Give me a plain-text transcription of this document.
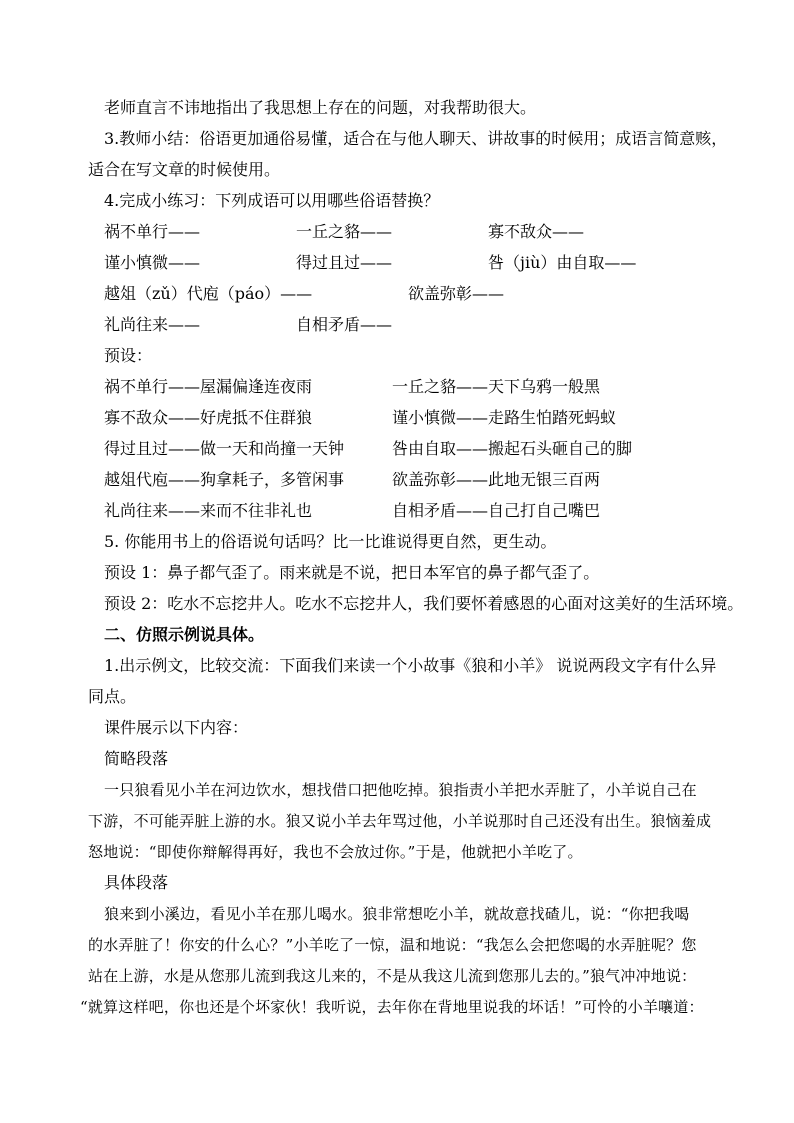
老师直言不讳地指出了我思想上存在的问题，对我帮助很大。
3.教师小结：俗语更加通俗易懂，适合在与他人聊天、讲故事的时候用；成语言简意赅，
适合在写文章的时候使用。
4.完成小练习：下列成语可以用哪些俗语替换？
祸不单行——	一丘之貉——	寡不敌众——
谨小慎微——	得过且过——	咎（jiù）由自取——
越俎（zǔ）代庖（páo）——	欲盖弥彰——
礼尚往来——	自相矛盾——
预设：
祸不单行——屋漏偏逢连夜雨	一丘之貉——天下乌鸦一般黑
寡不敌众——好虎抵不住群狼	谨小慎微——走路生怕踏死蚂蚁
得过且过——做一天和尚撞一天钟	咎由自取——搬起石头砸自己的脚
越俎代庖——狗拿耗子，多管闲事	欲盖弥彰——此地无银三百两
礼尚往来——来而不往非礼也	自相矛盾——自己打自己嘴巴
5. 你能用书上的俗语说句话吗？比一比谁说得更自然，更生动。
预设 1：鼻子都气歪了。雨来就是不说，把日本军官的鼻子都气歪了。
预设 2：吃水不忘挖井人。吃水不忘挖井人，我们要怀着感恩的心面对这美好的生活环境。
二、仿照示例说具体。
1.出示例文，比较交流：下面我们来读一个小故事《狼和小羊》 说说两段文字有什么异
同点。
课件展示以下内容：
简略段落
一只狼看见小羊在河边饮水，想找借口把他吃掉。狼指责小羊把水弄脏了，小羊说自己在
下游，不可能弄脏上游的水。狼又说小羊去年骂过他，小羊说那时自己还没有出生。狼恼羞成
怒地说：“即使你辩解得再好，我也不会放过你。”于是，他就把小羊吃了。
具体段落
狼来到小溪边，看见小羊在那儿喝水。狼非常想吃小羊，就故意找碴儿，说：“你把我喝
的水弄脏了！你安的什么心？”小羊吃了一惊，温和地说：“我怎么会把您喝的水弄脏呢？您
站在上游，水是从您那儿流到我这儿来的，不是从我这儿流到您那儿去的。”狼气冲冲地说：
“就算这样吧，你也还是个坏家伙！我听说，去年你在背地里说我的坏话！”可怜的小羊嚷道：
